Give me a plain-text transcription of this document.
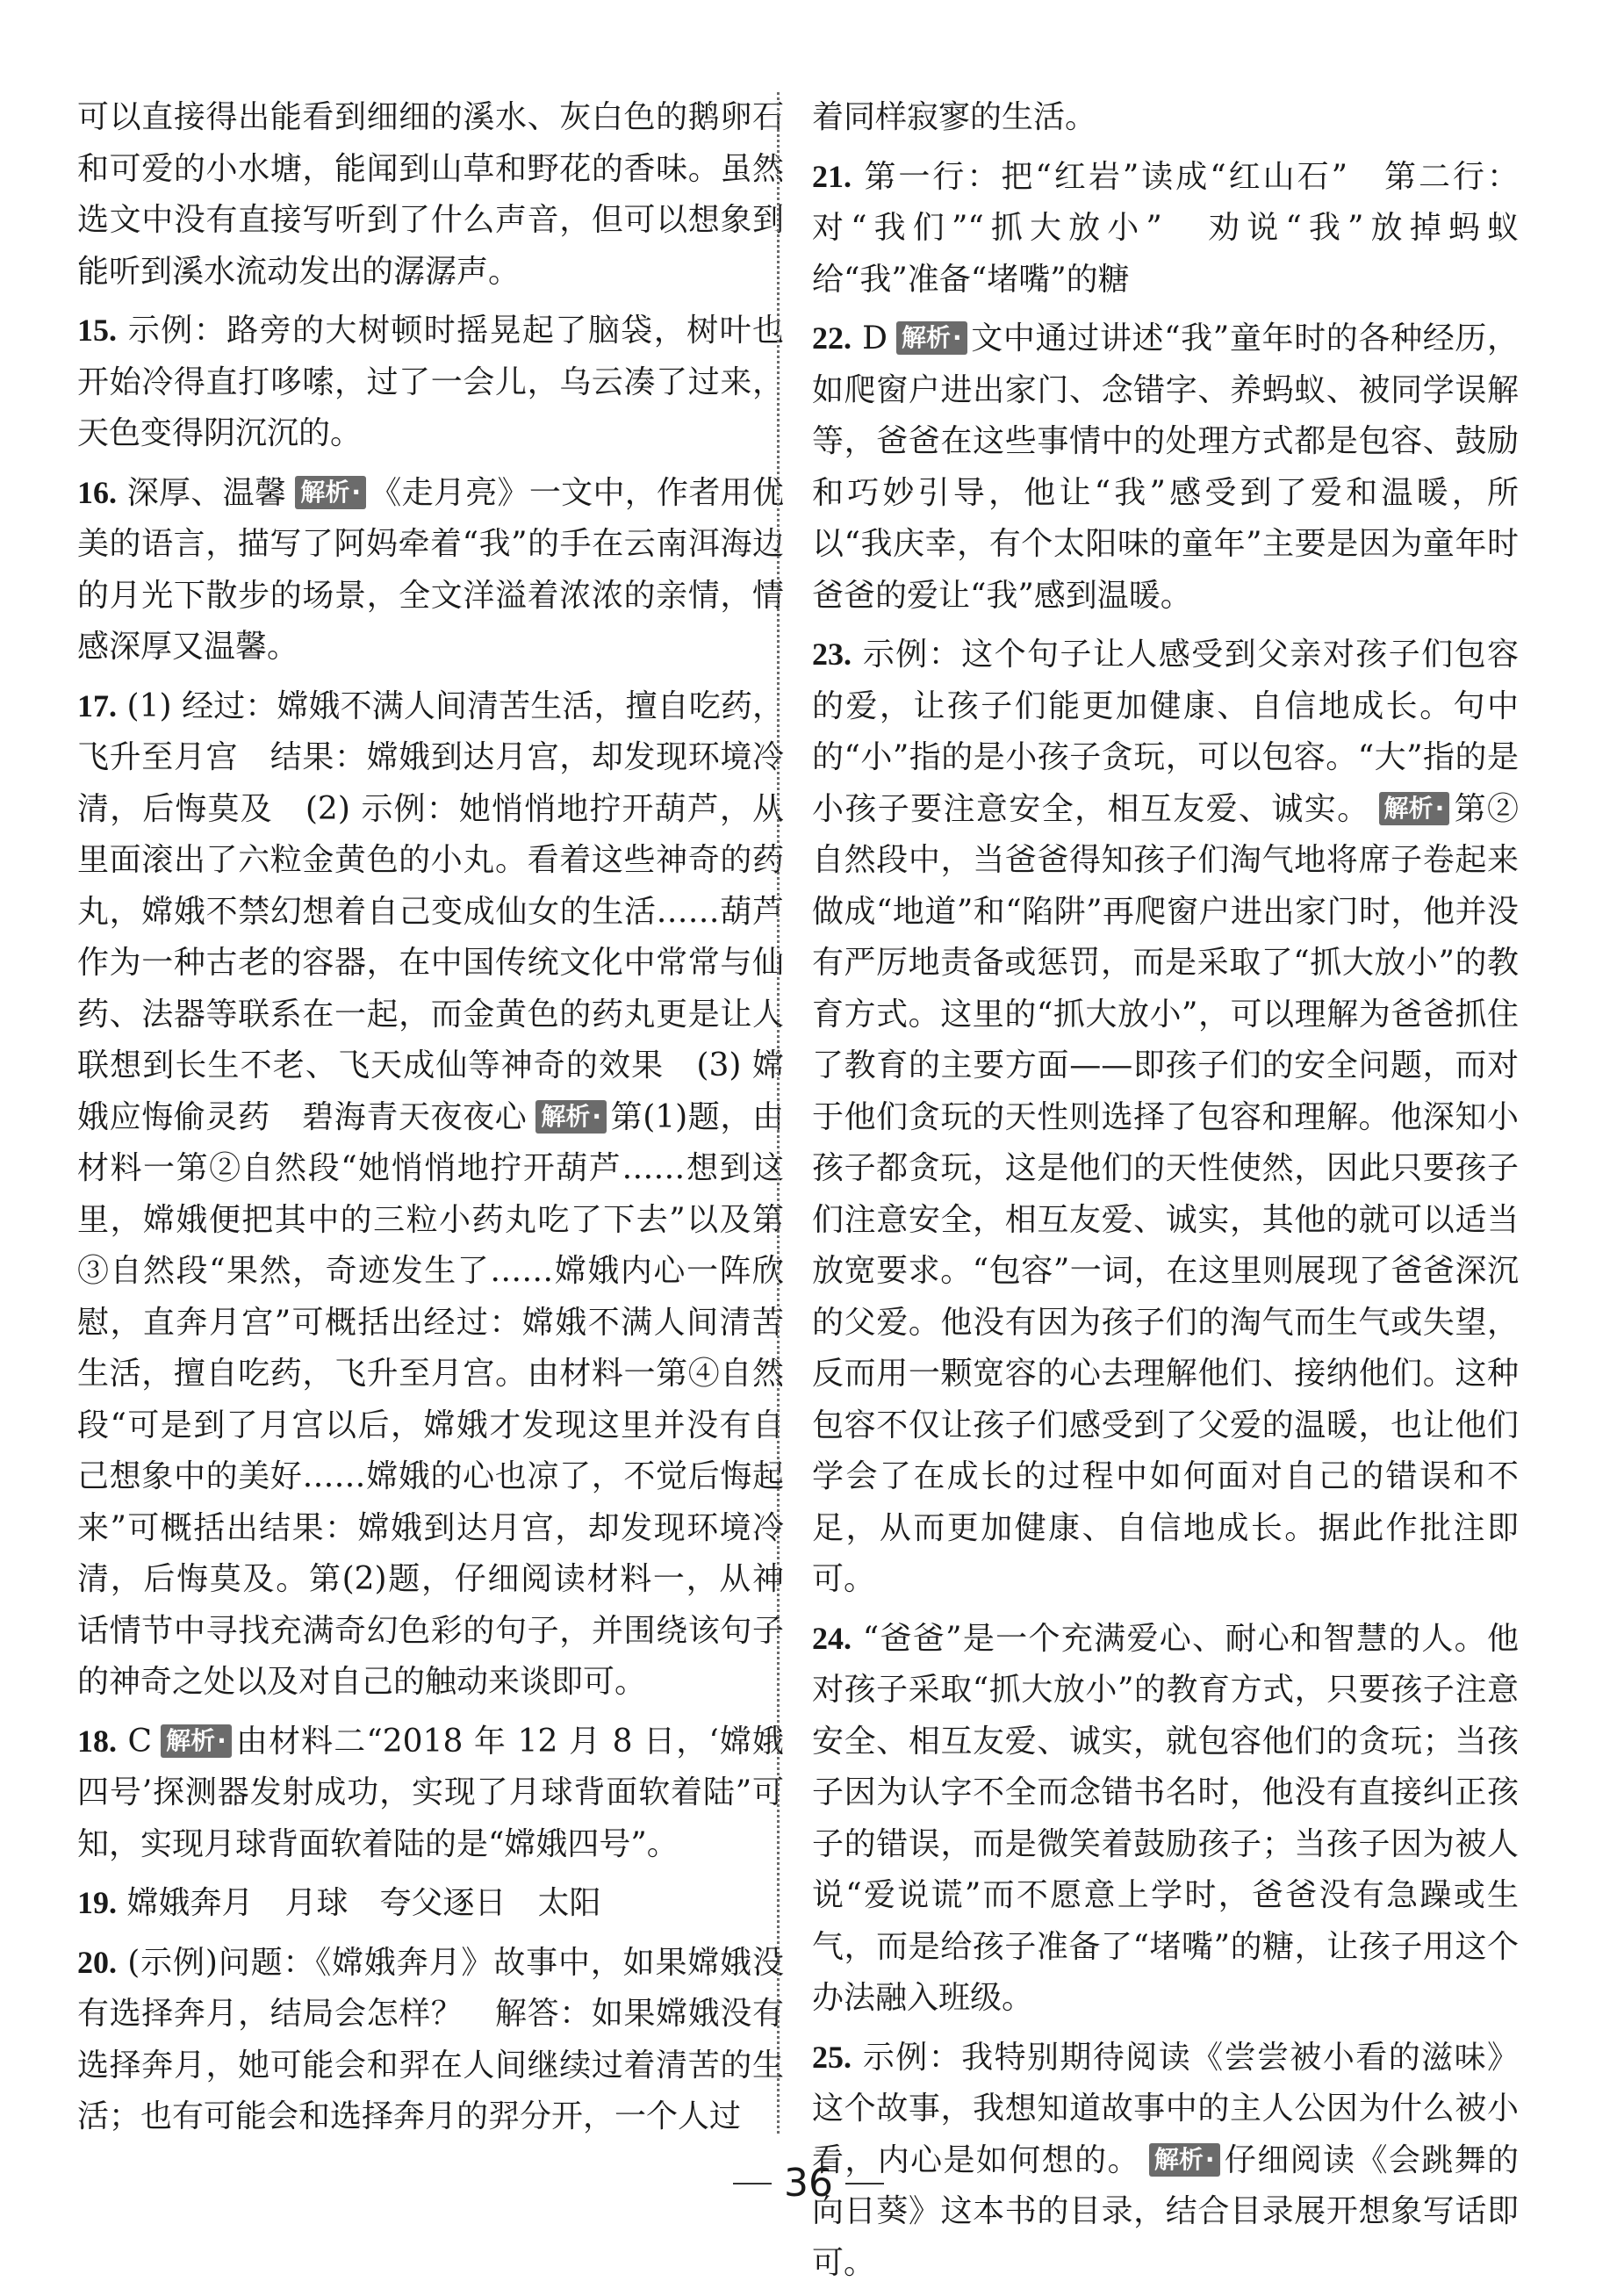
可以直接得出能看到细细的溪水、灰白色的鹅卵石和可爱的小水塘，能闻到山草和野花的香味。虽然选文中没有直接写听到了什么声音，但可以想象到能听到溪水流动发出的潺潺声。

15. 示例：路旁的大树顿时摇晃起了脑袋，树叶也开始冷得直打哆嗦，过了一会儿，乌云凑了过来，天色变得阴沉沉的。

16. 深厚、温馨 解析 · 《走月亮》一文中，作者用优美的语言，描写了阿妈牵着“我”的手在云南洱海边的月光下散步的场景，全文洋溢着浓浓的亲情，情感深厚又温馨。

17. (1) 经过：嫦娥不满人间清苦生活，擅自吃药，飞升至月宫　结果：嫦娥到达月宫，却发现环境冷清，后悔莫及　(2) 示例：她悄悄地拧开葫芦，从里面滚出了六粒金黄色的小丸。看着这些神奇的药丸，嫦娥不禁幻想着自己变成仙女的生活……葫芦作为一种古老的容器，在中国传统文化中常常与仙药、法器等联系在一起，而金黄色的药丸更是让人联想到长生不老、飞天成仙等神奇的效果　(3) 嫦娥应悔偷灵药　碧海青天夜夜心 解析 · 第(1)题，由材料一第②自然段“她悄悄地拧开葫芦……想到这里，嫦娥便把其中的三粒小药丸吃了下去”以及第③自然段“果然，奇迹发生了……嫦娥内心一阵欣慰，直奔月宫”可概括出经过：嫦娥不满人间清苦生活，擅自吃药，飞升至月宫。由材料一第④自然段“可是到了月宫以后，嫦娥才发现这里并没有自己想象中的美好……嫦娥的心也凉了，不觉后悔起来”可概括出结果：嫦娥到达月宫，却发现环境冷清，后悔莫及。第(2)题，仔细阅读材料一，从神话情节中寻找充满奇幻色彩的句子，并围绕该句子的神奇之处以及对自己的触动来谈即可。

18. C 解析 · 由材料二“2018 年 12 月 8 日，‘嫦娥四号’探测器发射成功，实现了月球背面软着陆”可知，实现月球背面软着陆的是“嫦娥四号”。

19. 嫦娥奔月　月球　夸父逐日　太阳

20. (示例)问题：《嫦娥奔月》故事中，如果嫦娥没有选择奔月，结局会怎样？　解答：如果嫦娥没有选择奔月，她可能会和羿在人间继续过着清苦的生活；也有可能会和选择奔月的羿分开，一个人过

着同样寂寥的生活。

21. 第一行：把“红岩”读成“红山石”　第二行：对“我们”“抓大放小”　劝说“我”放掉蚂蚁　给“我”准备“堵嘴”的糖

22. D 解析 · 文中通过讲述“我”童年时的各种经历，如爬窗户进出家门、念错字、养蚂蚁、被同学误解等，爸爸在这些事情中的处理方式都是包容、鼓励和巧妙引导，他让“我”感受到了爱和温暖，所以“我庆幸，有个太阳味的童年”主要是因为童年时爸爸的爱让“我”感到温暖。

23. 示例：这个句子让人感受到父亲对孩子们包容的爱，让孩子们能更加健康、自信地成长。句中的“小”指的是小孩子贪玩，可以包容。“大”指的是小孩子要注意安全，相互友爱、诚实。 解析 · 第②自然段中，当爸爸得知孩子们淘气地将席子卷起来做成“地道”和“陷阱”再爬窗户进出家门时，他并没有严厉地责备或惩罚，而是采取了“抓大放小”的教育方式。这里的“抓大放小”，可以理解为爸爸抓住了教育的主要方面——即孩子们的安全问题，而对于他们贪玩的天性则选择了包容和理解。他深知小孩子都贪玩，这是他们的天性使然，因此只要孩子们注意安全，相互友爱、诚实，其他的就可以适当放宽要求。“包容”一词，在这里则展现了爸爸深沉的父爱。他没有因为孩子们的淘气而生气或失望，反而用一颗宽容的心去理解他们、接纳他们。这种包容不仅让孩子们感受到了父爱的温暖，也让他们学会了在成长的过程中如何面对自己的错误和不足，从而更加健康、自信地成长。据此作批注即可。

24. “爸爸”是一个充满爱心、耐心和智慧的人。他对孩子采取“抓大放小”的教育方式，只要孩子注意安全、相互友爱、诚实，就包容他们的贪玩；当孩子因为认字不全而念错书名时，他没有直接纠正孩子的错误，而是微笑着鼓励孩子；当孩子因为被人说“爱说谎”而不愿意上学时，爸爸没有急躁或生气，而是给孩子准备了“堵嘴”的糖，让孩子用这个办法融入班级。

25. 示例：我特别期待阅读《尝尝被小看的滋味》这个故事，我想知道故事中的主人公因为什么被小看，内心是如何想的。 解析 · 仔细阅读《会跳舞的向日葵》这本书的目录，结合目录展开想象写话即可。

36
